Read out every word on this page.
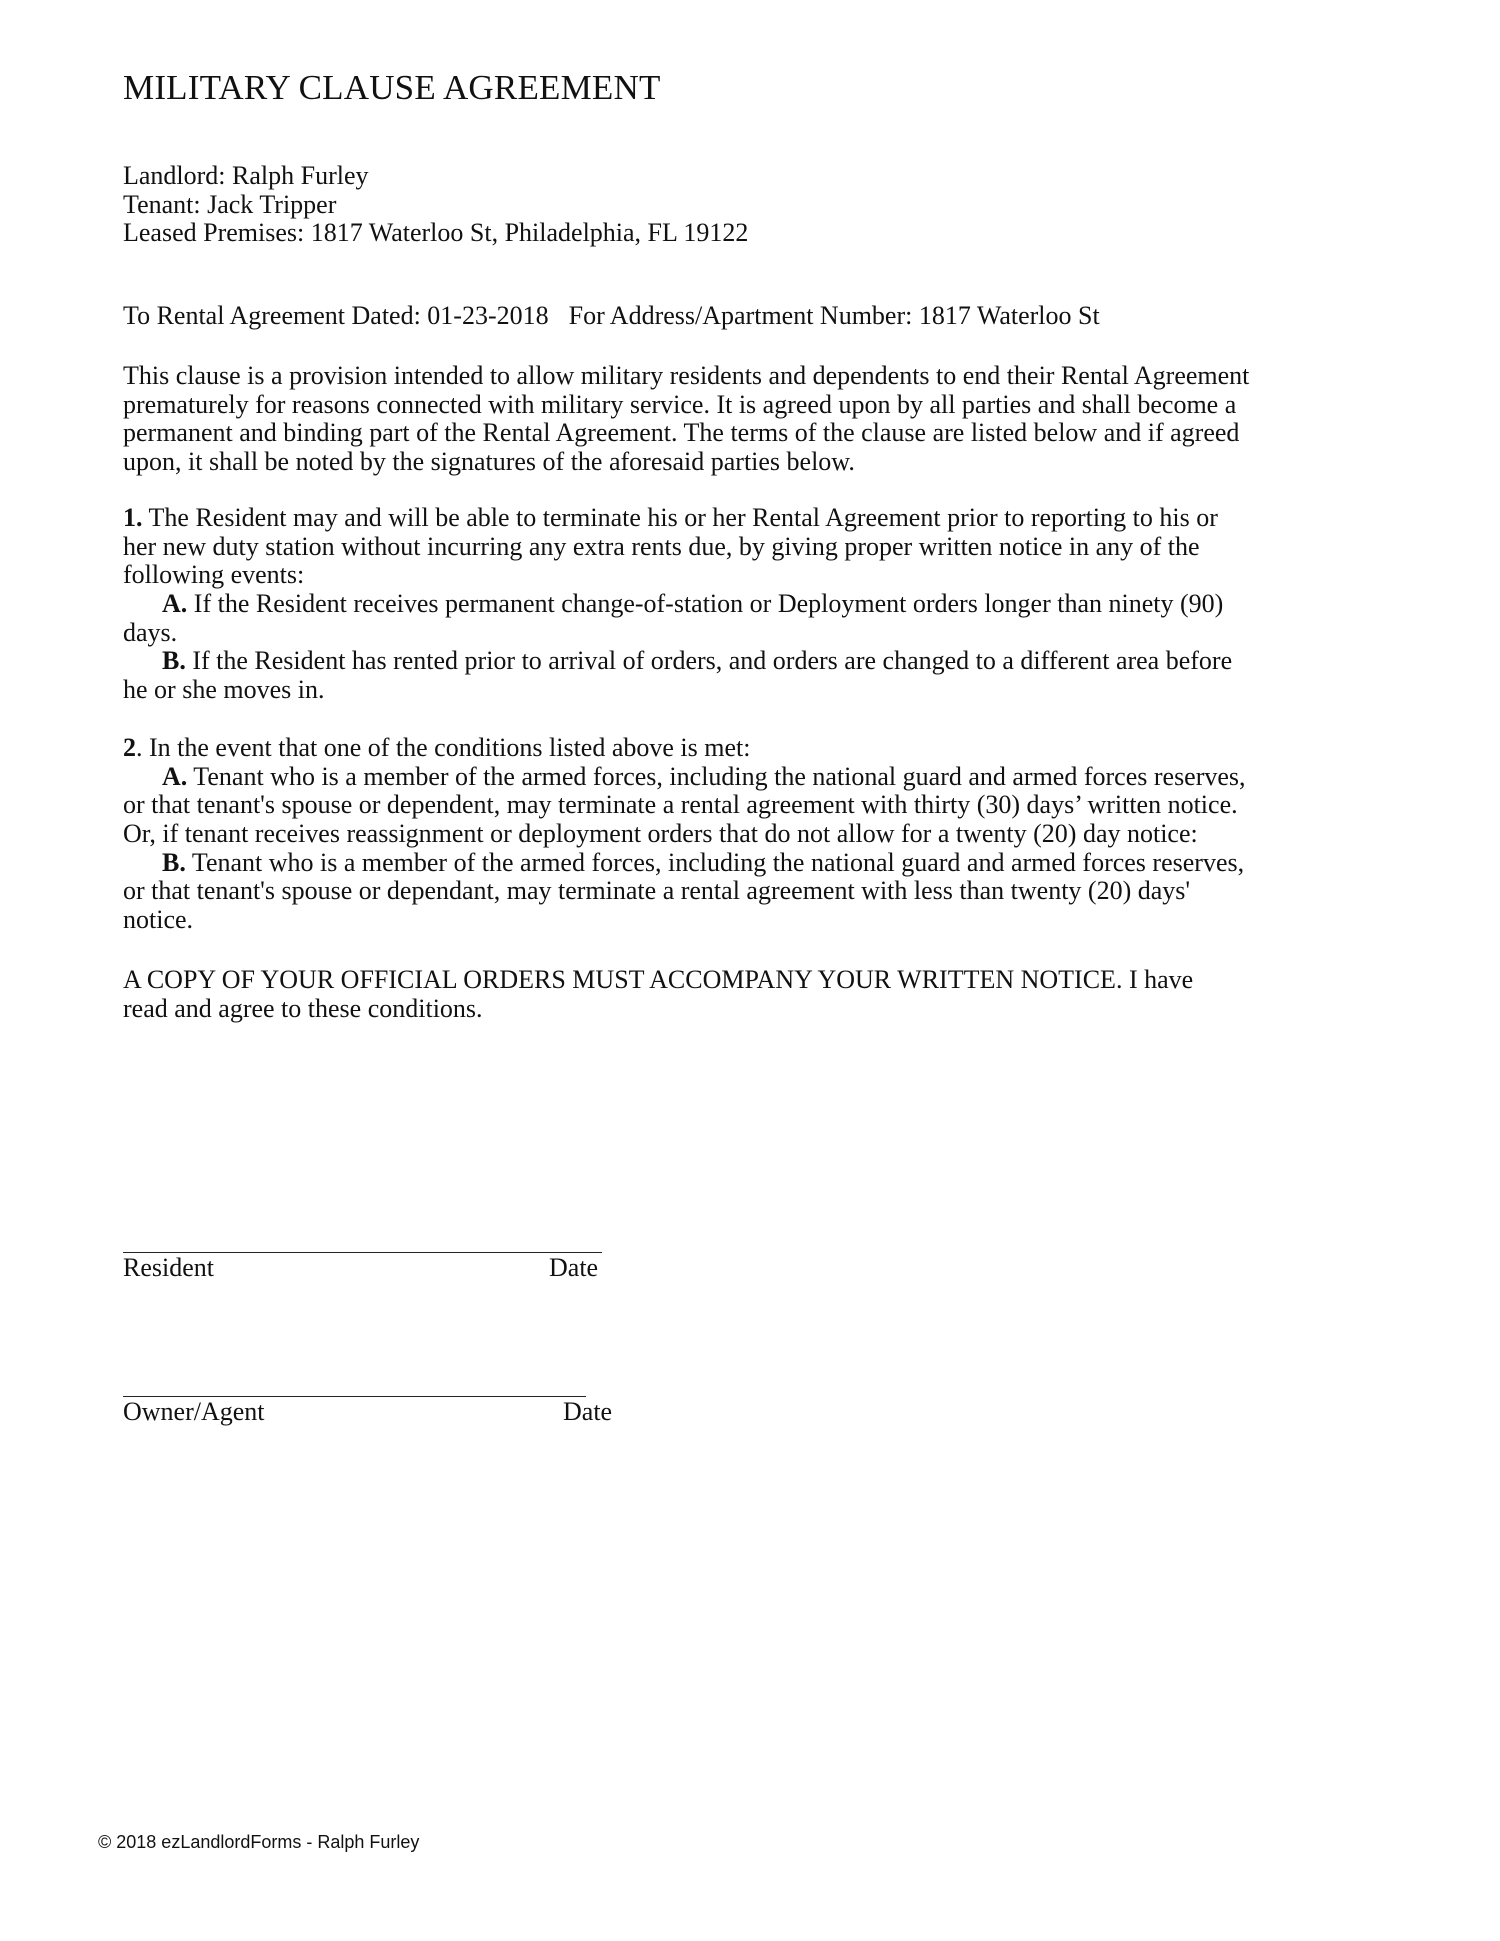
MILITARY CLAUSE AGREEMENT
Landlord: Ralph Furley
Tenant: Jack Tripper
Leased Premises: 1817 Waterloo St, Philadelphia, FL 19122
To Rental Agreement Dated: 01-23-2018 For Address/Apartment Number: 1817 Waterloo St
This clause is a provision intended to allow military residents and dependents to end their Rental Agreement
prematurely for reasons connected with military service. It is agreed upon by all parties and shall become a
permanent and binding part of the Rental Agreement. The terms of the clause are listed below and if agreed
upon, it shall be noted by the signatures of the aforesaid parties below.
1. The Resident may and will be able to terminate his or her Rental Agreement prior to reporting to his or
her new duty station without incurring any extra rents due, by giving proper written notice in any of the
following events:
A. If the Resident receives permanent change-of-station or Deployment orders longer than ninety (90)
days.
B. If the Resident has rented prior to arrival of orders, and orders are changed to a different area before
he or she moves in.
2. In the event that one of the conditions listed above is met:
A. Tenant who is a member of the armed forces, including the national guard and armed forces reserves,
or that tenant's spouse or dependent, may terminate a rental agreement with thirty (30) days’ written notice.
Or, if tenant receives reassignment or deployment orders that do not allow for a twenty (20) day notice:
B. Tenant who is a member of the armed forces, including the national guard and armed forces reserves,
or that tenant's spouse or dependant, may terminate a rental agreement with less than twenty (20) days'
notice.
A COPY OF YOUR OFFICIAL ORDERS MUST ACCOMPANY YOUR WRITTEN NOTICE. I have
read and agree to these conditions.
Resident	Date
Owner/Agent	Date
© 2018 ezLandlordForms - Ralph Furley
